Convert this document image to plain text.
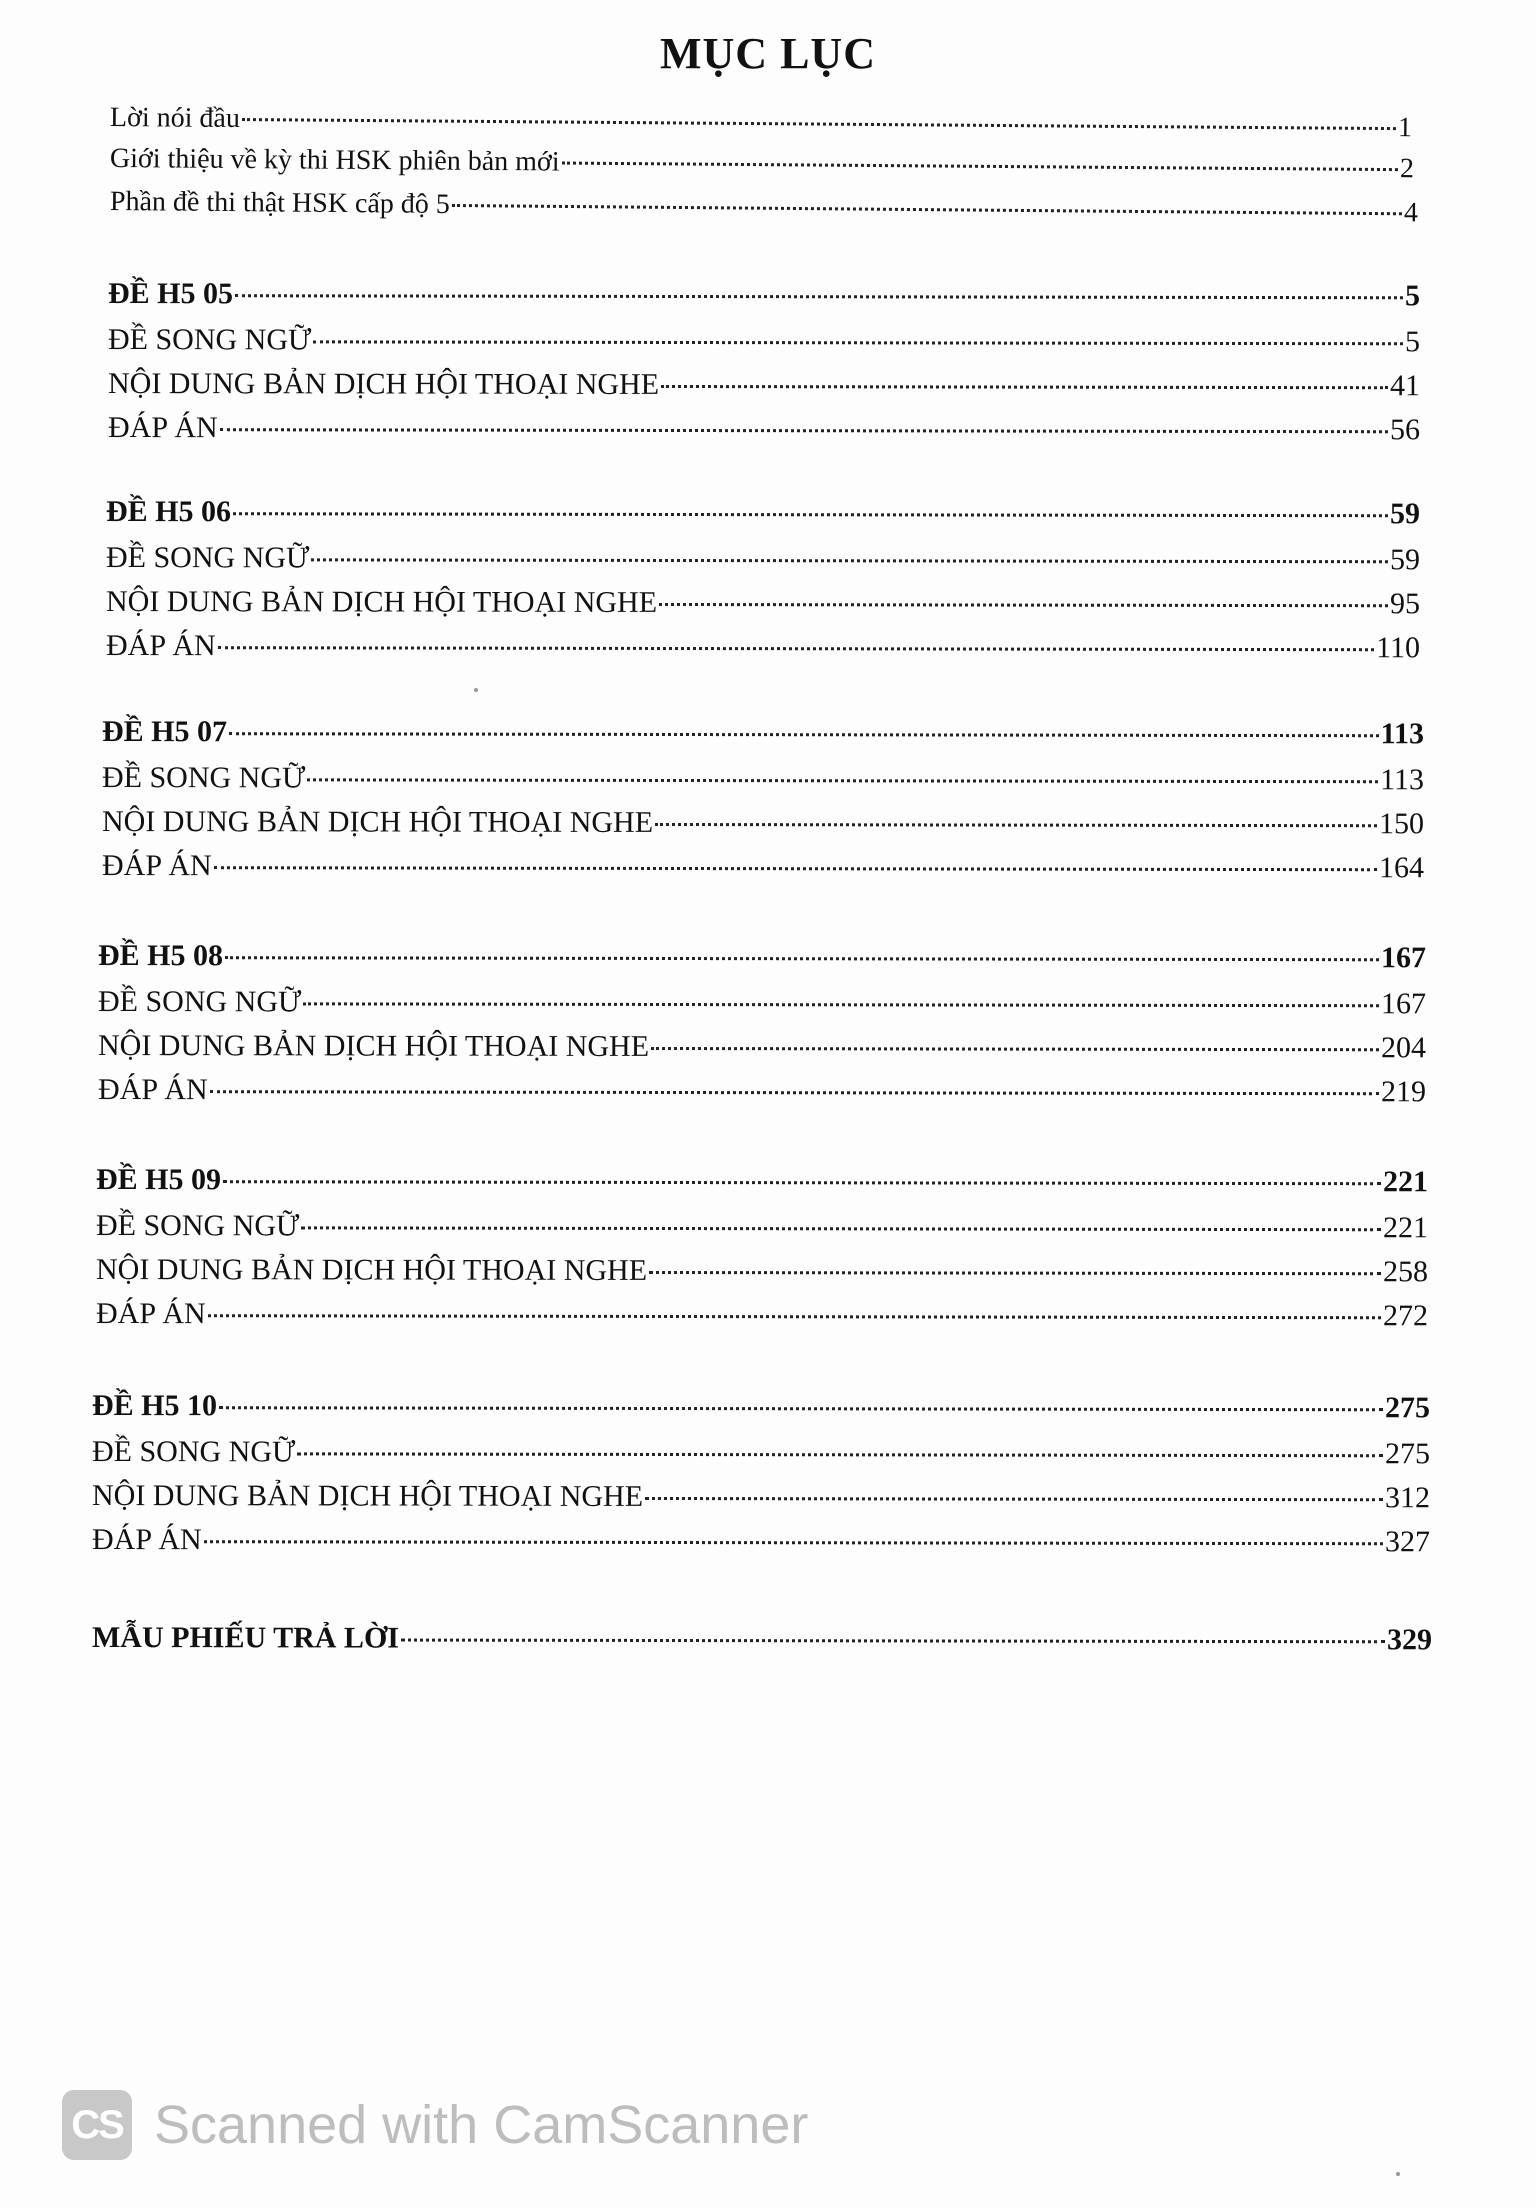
MỤC LỤC
Lời nói đầu	1
Giới thiệu về kỳ thi HSK phiên bản mới	2
Phần đề thi thật HSK cấp độ 5	4
ĐỀ H5 05	5
ĐỀ SONG NGỮ	5
NỘI DUNG BẢN DỊCH HỘI THOẠI NGHE	41
ĐÁP ÁN	56
ĐỀ H5 06	59
ĐỀ SONG NGỮ	59
NỘI DUNG BẢN DỊCH HỘI THOẠI NGHE	95
ĐÁP ÁN	110
ĐỀ H5 07	113
ĐỀ SONG NGỮ	113
NỘI DUNG BẢN DỊCH HỘI THOẠI NGHE	150
ĐÁP ÁN	164
ĐỀ H5 08	167
ĐỀ SONG NGỮ	167
NỘI DUNG BẢN DỊCH HỘI THOẠI NGHE	204
ĐÁP ÁN	219
ĐỀ H5 09	221
ĐỀ SONG NGỮ	221
NỘI DUNG BẢN DỊCH HỘI THOẠI NGHE	258
ĐÁP ÁN	272
ĐỀ H5 10	275
ĐỀ SONG NGỮ	275
NỘI DUNG BẢN DỊCH HỘI THOẠI NGHE	312
ĐÁP ÁN	327
MẪU PHIẾU TRẢ LỜI	329
CS Scanned with CamScanner
